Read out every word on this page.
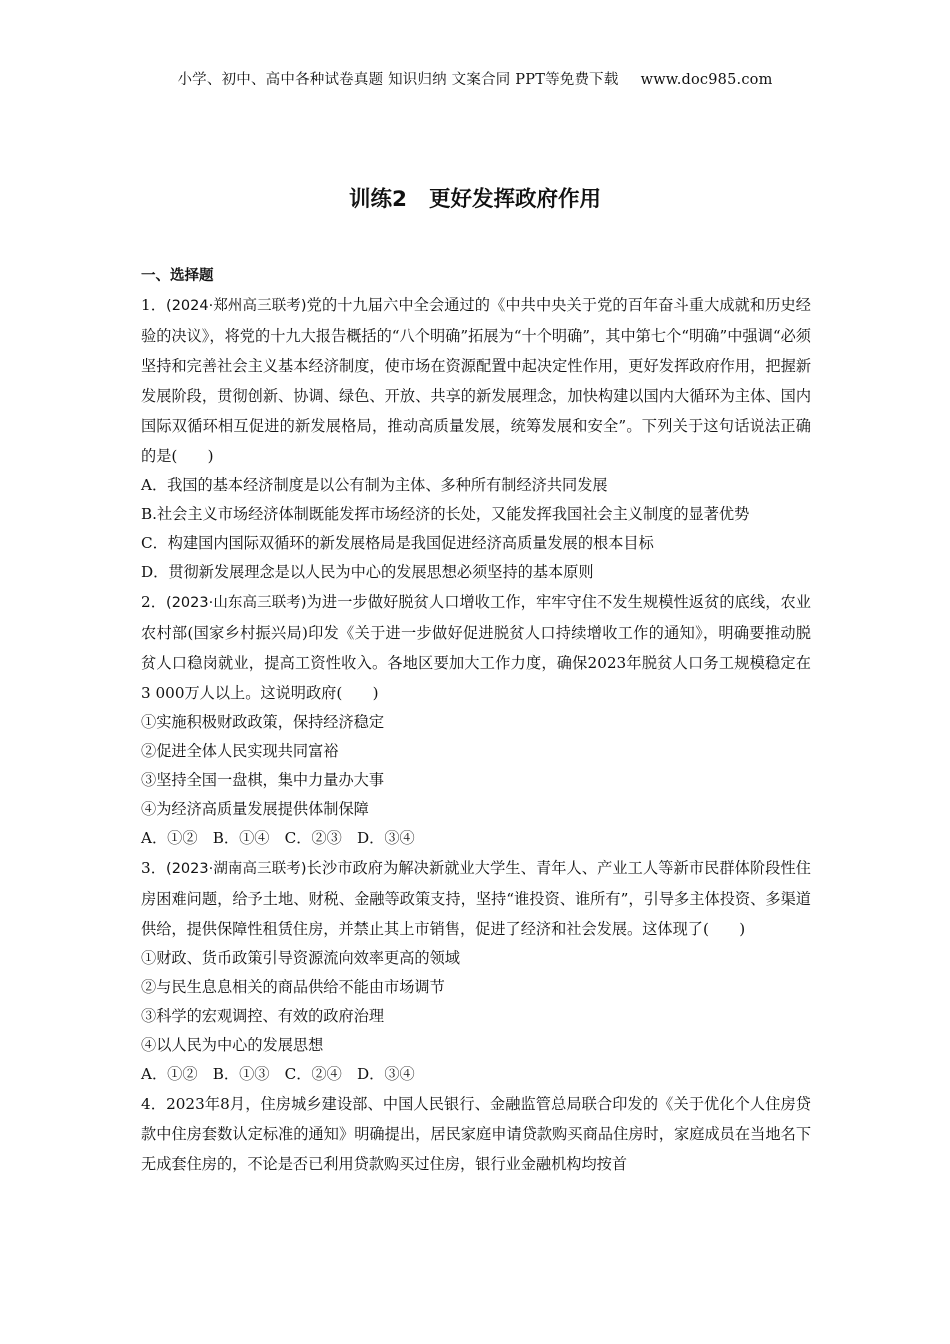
小学、初中、高中各种试卷真题 知识归纳 文案合同 PPT等免费下载 www.doc985.com
训练2 更好发挥政府作用
一、选择题
1．(2024·郑州高三联考)党的十九届六中全会通过的《中共中央关于党的百年奋斗重大成就和历史经验的决议》，将党的十九大报告概括的“八个明确”拓展为“十个明确”，其中第七个“明确”中强调“必须坚持和完善社会主义基本经济制度，使市场在资源配置中起决定性作用，更好发挥政府作用，把握新发展阶段，贯彻创新、协调、绿色、开放、共享的新发展理念，加快构建以国内大循环为主体、国内国际双循环相互促进的新发展格局，推动高质量发展，统筹发展和安全”。下列关于这句话说法正确的是(　　)
A．我国的基本经济制度是以公有制为主体、多种所有制经济共同发展
B.社会主义市场经济体制既能发挥市场经济的长处，又能发挥我国社会主义制度的显著优势
C．构建国内国际双循环的新发展格局是我国促进经济高质量发展的根本目标
D．贯彻新发展理念是以人民为中心的发展思想必须坚持的基本原则
2．(2023·山东高三联考)为进一步做好脱贫人口增收工作，牢牢守住不发生规模性返贫的底线，农业农村部(国家乡村振兴局)印发《关于进一步做好促进脱贫人口持续增收工作的通知》，明确要推动脱贫人口稳岗就业，提高工资性收入。各地区要加大工作力度，确保2023年脱贫人口务工规模稳定在3 000万人以上。这说明政府(　　)
①实施积极财政政策，保持经济稳定
②促进全体人民实现共同富裕
③坚持全国一盘棋，集中力量办大事
④为经济高质量发展提供体制保障
A．①②　B．①④　C．②③　D．③④
3．(2023·湖南高三联考)长沙市政府为解决新就业大学生、青年人、产业工人等新市民群体阶段性住房困难问题，给予土地、财税、金融等政策支持，坚持“谁投资、谁所有”，引导多主体投资、多渠道供给，提供保障性租赁住房，并禁止其上市销售，促进了经济和社会发展。这体现了(　　)
①财政、货币政策引导资源流向效率更高的领域
②与民生息息相关的商品供给不能由市场调节
③科学的宏观调控、有效的政府治理
④以人民为中心的发展思想
A．①②　B．①③　C．②④　D．③④
4．2023年8月，住房城乡建设部、中国人民银行、金融监管总局联合印发的《关于优化个人住房贷款中住房套数认定标准的通知》明确提出，居民家庭申请贷款购买商品住房时，家庭成员在当地名下无成套住房的，不论是否已利用贷款购买过住房，银行业金融机构均按首
